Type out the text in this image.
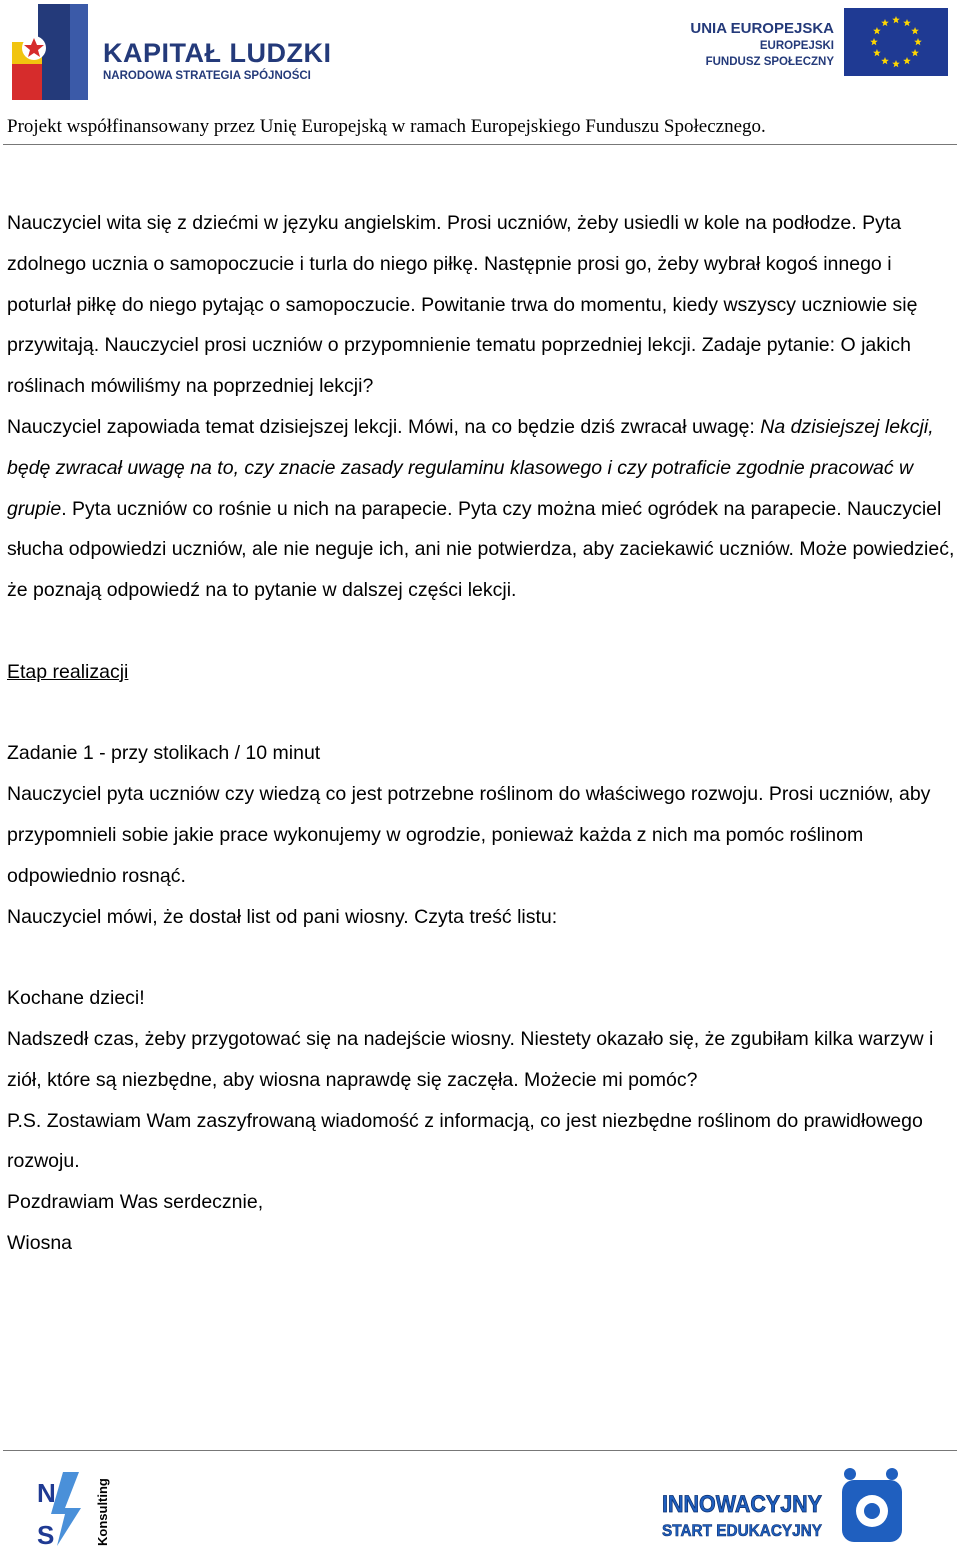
KAPITAŁ LUDZKI
NARODOWA STRATEGIA SPÓJNOŚCI
UNIA EUROPEJSKA
EUROPEJSKI
FUNDUSZ SPOŁECZNY
Projekt współfinansowany przez Unię Europejską w ramach Europejskiego Funduszu Społecznego.

Nauczyciel wita się z dziećmi w języku angielskim. Prosi uczniów, żeby usiedli w kole na podłodze. Pyta zdolnego ucznia o samopoczucie i turla do niego piłkę. Następnie prosi go, żeby wybrał kogoś innego i poturlał piłkę do niego pytając o samopoczucie. Powitanie trwa do momentu, kiedy wszyscy uczniowie się przywitają. Nauczyciel prosi uczniów o przypomnienie tematu poprzedniej lekcji. Zadaje pytanie: O jakich roślinach mówiliśmy na poprzedniej lekcji?

Nauczyciel zapowiada temat dzisiejszej lekcji. Mówi, na co będzie dziś zwracał uwagę: Na dzisiejszej lekcji, będę zwracał uwagę na to, czy znacie zasady regulaminu klasowego i czy potraficie zgodnie pracować w grupie. Pyta uczniów co rośnie u nich na parapecie. Pyta czy można mieć ogródek na parapecie. Nauczyciel słucha odpowiedzi uczniów, ale nie neguje ich, ani nie potwierdza, aby zaciekawić uczniów. Może powiedzieć, że poznają odpowiedź na to pytanie w dalszej części lekcji.

Etap realizacji

Zadanie 1 - przy stolikach / 10 minut

Nauczyciel pyta uczniów czy wiedzą co jest potrzebne roślinom do właściwego rozwoju. Prosi uczniów, aby przypomnieli sobie jakie prace wykonujemy w ogrodzie, ponieważ każda z nich ma pomóc roślinom odpowiednio rosnąć.

Nauczyciel mówi, że dostał list od pani wiosny. Czyta treść listu:

Kochane dzieci!

Nadszedł czas, żeby przygotować się na nadejście wiosny. Niestety okazało się, że zgubiłam kilka warzyw i ziół, które są niezbędne, aby wiosna naprawdę się zaczęła. Możecie mi pomóc?

P.S. Zostawiam Wam zaszyfrowaną wiadomość z informacją, co jest niezbędne roślinom do prawidłowego rozwoju.

Pozdrawiam Was serdecznie,

Wiosna

N
S	Konsulting	INNOWACYJNY
START EDUKACYJNY
